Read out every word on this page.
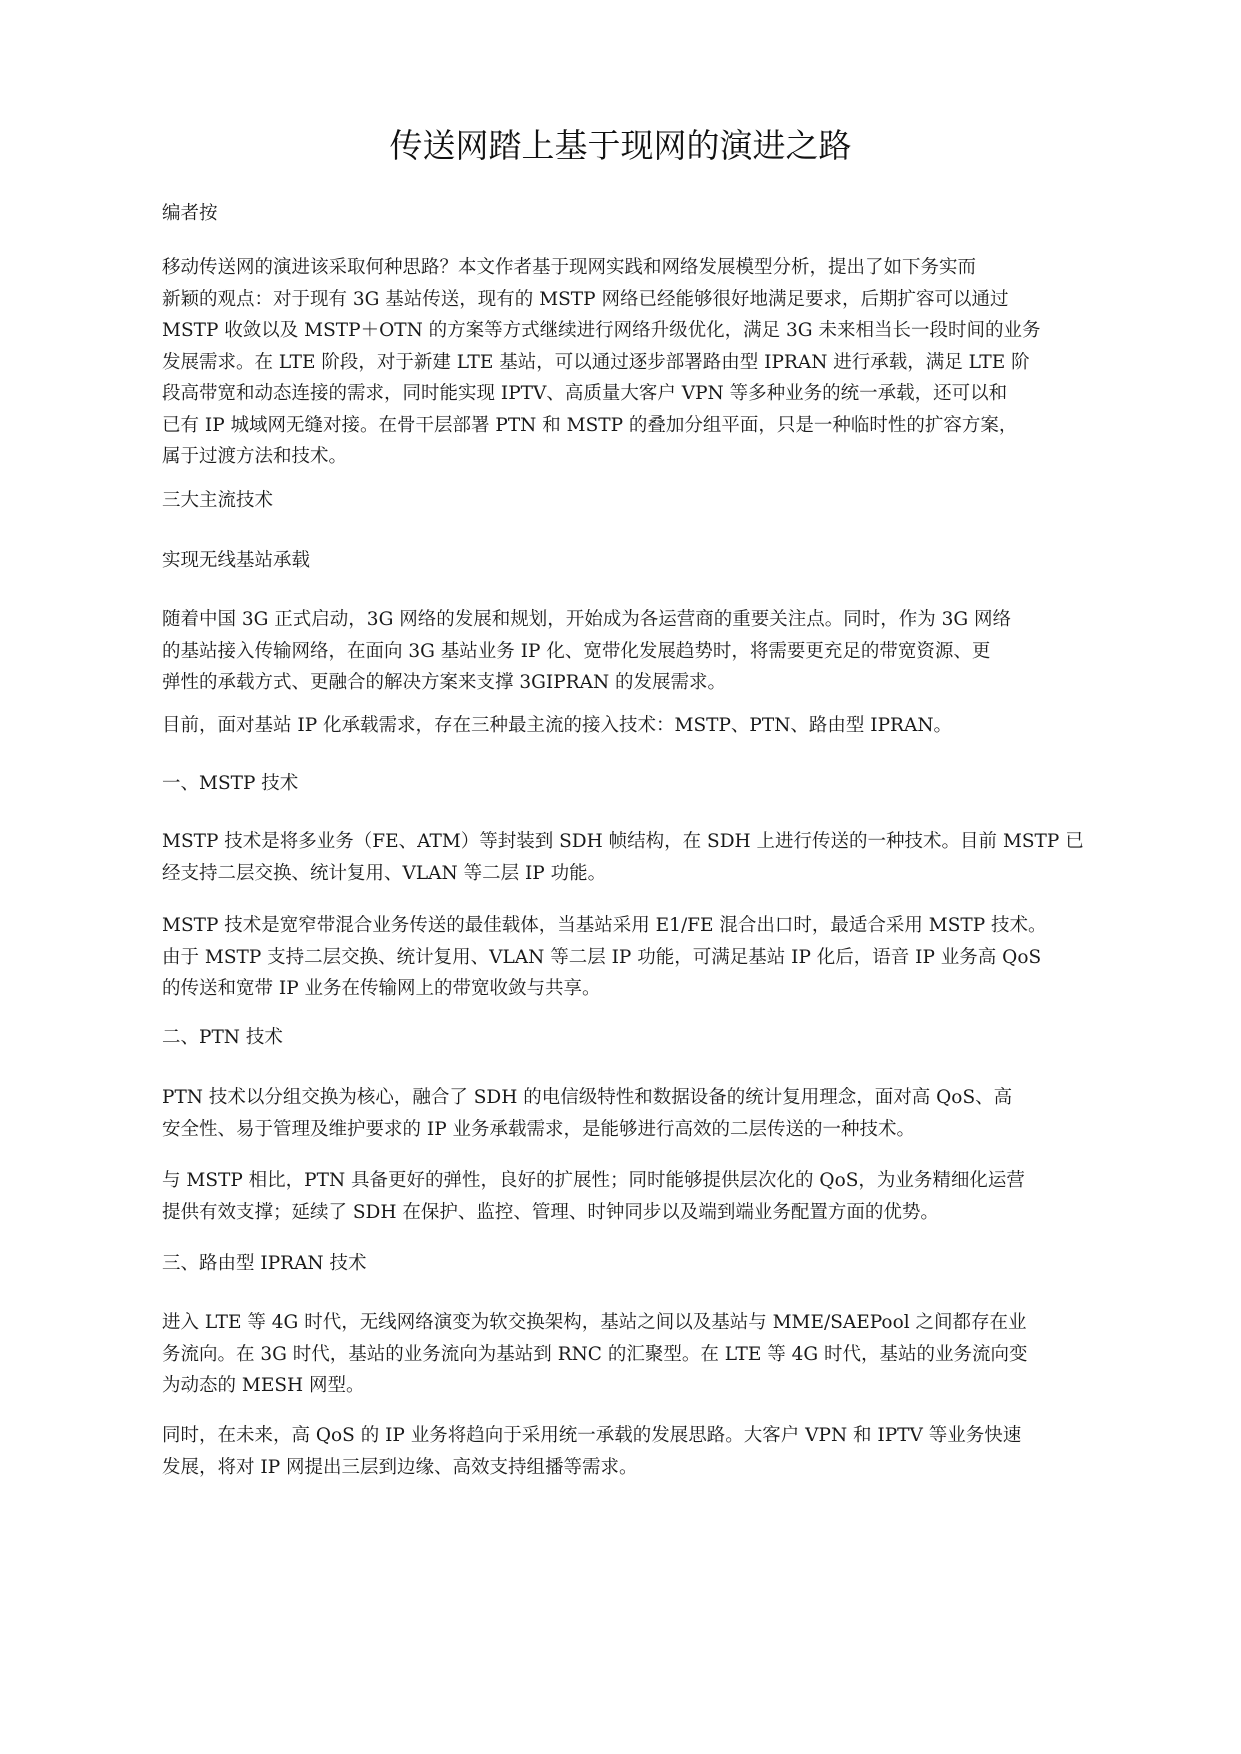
传送网踏上基于现网的演进之路
编者按
移动传送网的演进该采取何种思路？本文作者基于现网实践和网络发展模型分析，提出了如下务实而
新颖的观点：对于现有 3G 基站传送，现有的 MSTP 网络已经能够很好地满足要求，后期扩容可以通过
MSTP 收敛以及 MSTP＋OTN 的方案等方式继续进行网络升级优化，满足 3G 未来相当长一段时间的业务
发展需求。在 LTE 阶段，对于新建 LTE 基站，可以通过逐步部署路由型 IPRAN 进行承载，满足 LTE 阶
段高带宽和动态连接的需求，同时能实现 IPTV、高质量大客户 VPN 等多种业务的统一承载，还可以和
已有 IP 城域网无缝对接。在骨干层部署 PTN 和 MSTP 的叠加分组平面，只是一种临时性的扩容方案，
属于过渡方法和技术。
三大主流技术
实现无线基站承载
随着中国 3G 正式启动，3G 网络的发展和规划，开始成为各运营商的重要关注点。同时，作为 3G 网络
的基站接入传输网络，在面向 3G 基站业务 IP 化、宽带化发展趋势时，将需要更充足的带宽资源、更
弹性的承载方式、更融合的解决方案来支撑 3GIPRAN 的发展需求。
目前，面对基站 IP 化承载需求，存在三种最主流的接入技术：MSTP、PTN、路由型 IPRAN。
一、MSTP 技术
MSTP 技术是将多业务（FE、ATM）等封装到 SDH 帧结构，在 SDH 上进行传送的一种技术。目前 MSTP 已
经支持二层交换、统计复用、VLAN 等二层 IP 功能。
MSTP 技术是宽窄带混合业务传送的最佳载体，当基站采用 E1/FE 混合出口时，最适合采用 MSTP 技术。
由于 MSTP 支持二层交换、统计复用、VLAN 等二层 IP 功能，可满足基站 IP 化后，语音 IP 业务高 QoS
的传送和宽带 IP 业务在传输网上的带宽收敛与共享。
二、PTN 技术
PTN 技术以分组交换为核心，融合了 SDH 的电信级特性和数据设备的统计复用理念，面对高 QoS、高
安全性、易于管理及维护要求的 IP 业务承载需求，是能够进行高效的二层传送的一种技术。
与 MSTP 相比，PTN 具备更好的弹性，良好的扩展性；同时能够提供层次化的 QoS，为业务精细化运营
提供有效支撑；延续了 SDH 在保护、监控、管理、时钟同步以及端到端业务配置方面的优势。
三、路由型 IPRAN 技术
进入 LTE 等 4G 时代，无线网络演变为软交换架构，基站之间以及基站与 MME/SAEPool 之间都存在业
务流向。在 3G 时代，基站的业务流向为基站到 RNC 的汇聚型。在 LTE 等 4G 时代，基站的业务流向变
为动态的 MESH 网型。
同时，在未来，高 QoS 的 IP 业务将趋向于采用统一承载的发展思路。大客户 VPN 和 IPTV 等业务快速
发展，将对 IP 网提出三层到边缘、高效支持组播等需求。
